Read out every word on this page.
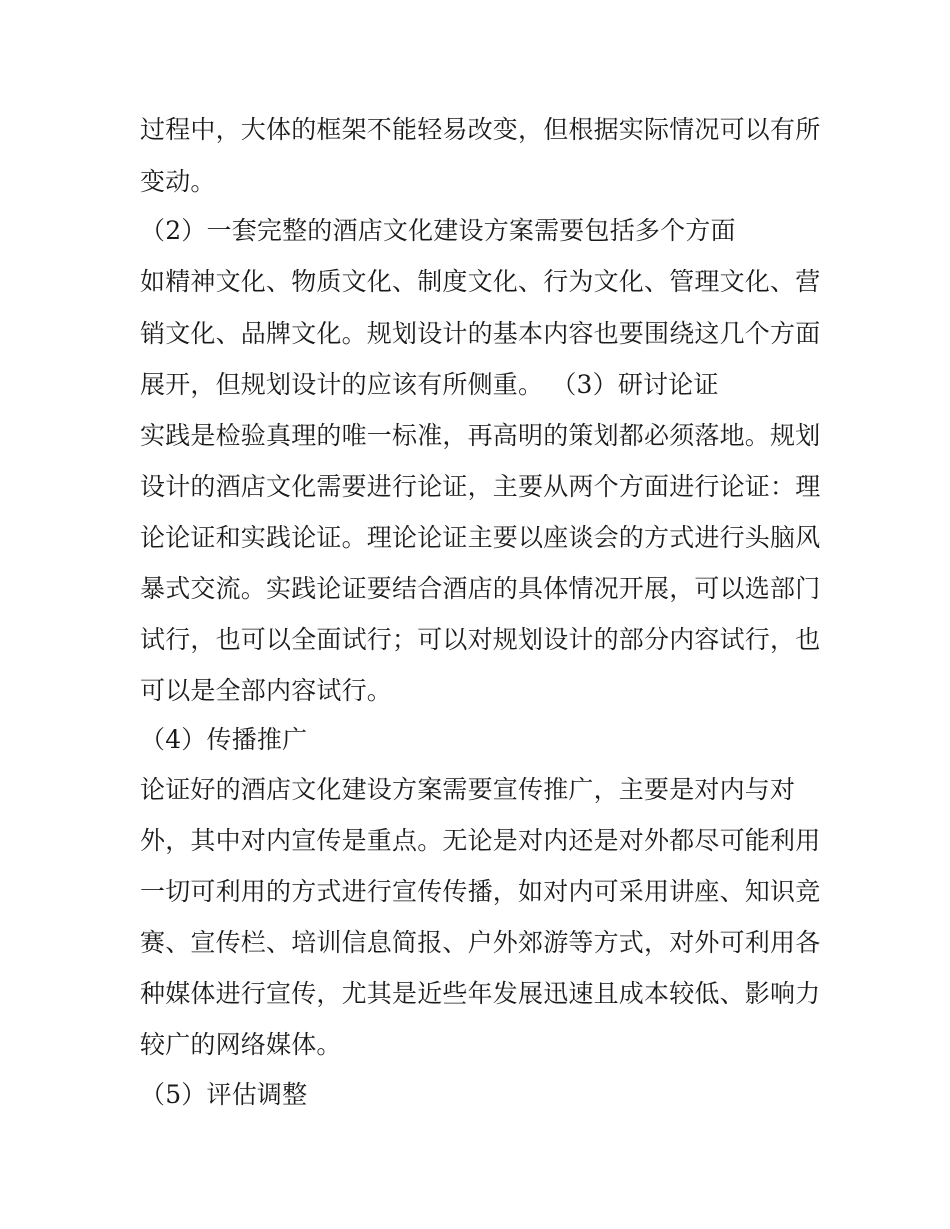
过程中，大体的框架不能轻易改变，但根据实际情况可以有所
变动。
（2）一套完整的酒店文化建设方案需要包括多个方面
如精神文化、物质文化、制度文化、行为文化、管理文化、营
销文化、品牌文化。规划设计的基本内容也要围绕这几个方面
展开，但规划设计的应该有所侧重。 （3）研讨论证
实践是检验真理的唯一标准，再高明的策划都必须落地。规划
设计的酒店文化需要进行论证，主要从两个方面进行论证：理
论论证和实践论证。理论论证主要以座谈会的方式进行头脑风
暴式交流。实践论证要结合酒店的具体情况开展，可以选部门
试行，也可以全面试行；可以对规划设计的部分内容试行，也
可以是全部内容试行。
（4）传播推广
论证好的酒店文化建设方案需要宣传推广，主要是对内与对
外，其中对内宣传是重点。无论是对内还是对外都尽可能利用
一切可利用的方式进行宣传传播，如对内可采用讲座、知识竞
赛、宣传栏、培训信息简报、户外郊游等方式，对外可利用各
种媒体进行宣传，尤其是近些年发展迅速且成本较低、影响力
较广的网络媒体。
（5）评估调整
